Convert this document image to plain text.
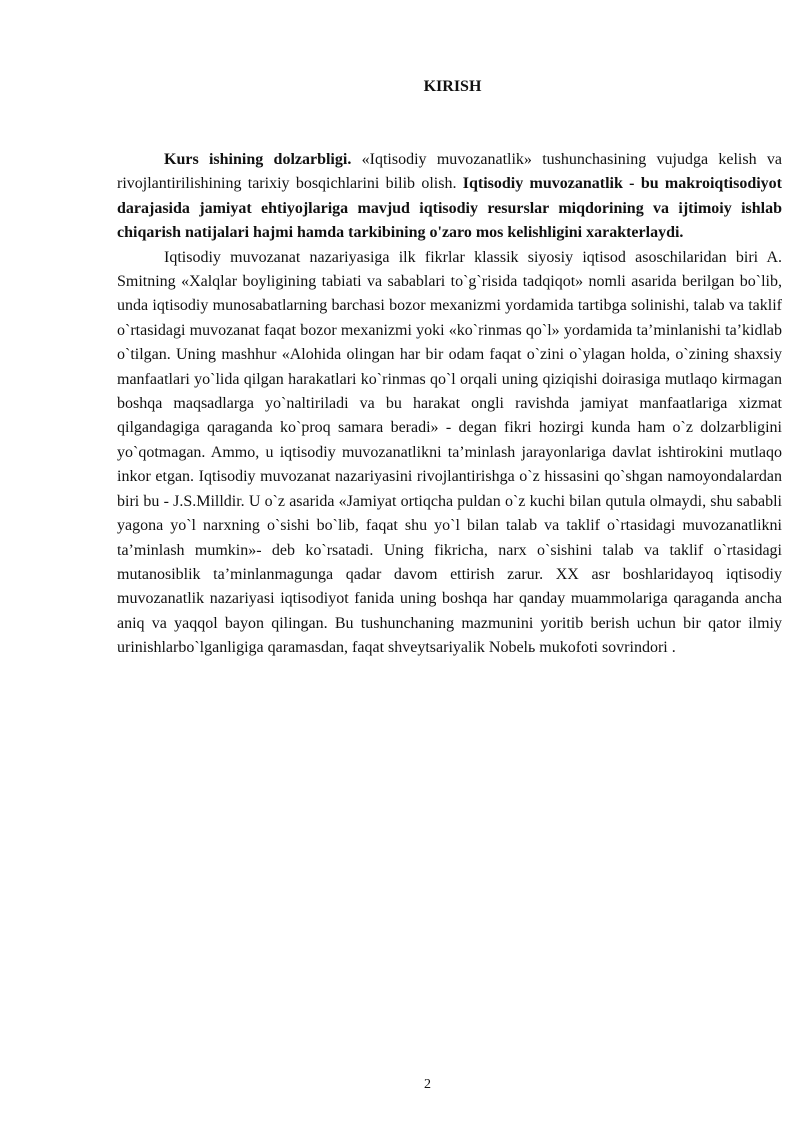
KIRISH

Kurs ishining dolzarbligi. «Iqtisodiy muvozanatlik» tushunchasining vujudga kelish va rivojlantirilishining tarixiy bosqichlarini bilib olish. Iqtisodiy muvozanatlik - bu makroiqtisodiyot darajasida jamiyat ehtiyojlariga mavjud iqtisodiy resurslar miqdorining va ijtimoiy ishlab chiqarish natijalari hajmi hamda tarkibining o'zaro mos kelishligini xarakterlaydi.

Iqtisodiy muvozanat nazariyasiga ilk fikrlar klassik siyosiy iqtisod asoschilaridan biri A. Smitning «Xalqlar boyligining tabiati va sabablari to`g`risida tadqiqot» nomli asarida berilgan bo`lib, unda iqtisodiy munosabatlarning barchasi bozor mexanizmi yordamida tartibga solinishi, talab va taklif o`rtasidagi muvozanat faqat bozor mexanizmi yoki «ko`rinmas qo`l» yordamida ta’minlanishi ta’kidlab o`tilgan. Uning mashhur «Alohida olingan har bir odam faqat o`zini o`ylagan holda, o`zining shaxsiy manfaatlari yo`lida qilgan harakatlari ko`rinmas qo`l orqali uning qiziqishi doirasiga mutlaqo kirmagan boshqa maqsadlarga yo`naltiriladi va bu harakat ongli ravishda jamiyat manfaatlariga xizmat qilgandagiga qaraganda ko`proq samara beradi» - degan fikri hozirgi kunda ham o`z dolzarbligini yo`qotmagan. Ammo, u iqtisodiy muvozanatlikni ta’minlash jarayonlariga davlat ishtirokini mutlaqo inkor etgan. Iqtisodiy muvozanat nazariyasini rivojlantirishga o`z hissasini qo`shgan namoyondalardan biri bu - J.S.Milldir. U o`z asarida «Jamiyat ortiqcha puldan o`z kuchi bilan qutula olmaydi, shu sababli yagona yo`l narxning o`sishi bo`lib, faqat shu yo`l bilan talab va taklif o`rtasidagi muvozanatlikni ta’minlash mumkin»- deb ko`rsatadi. Uning fikricha, narx o`sishini talab va taklif o`rtasidagi mutanosiblik ta’minlanmagunga qadar davom ettirish zarur. XX asr boshlaridayoq iqtisodiy muvozanatlik nazariyasi iqtisodiyot fanida uning boshqa har qanday muammolariga qaraganda ancha aniq va yaqqol bayon qilingan. Bu tushunchaning mazmunini yoritib berish uchun bir qator ilmiy urinishlarbo`lganligiga qaramasdan, faqat shveytsariyalik Nobelь mukofoti sovrindori .

2
